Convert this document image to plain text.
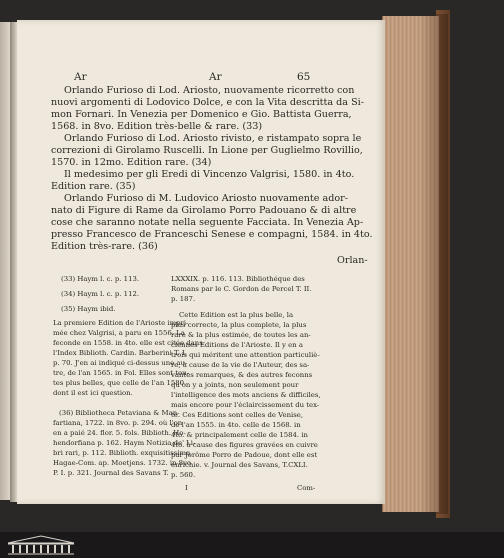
Ar	Ar	65
Orlando Furioso di Lod. Ariosto, nuovamente ricorretto con
nuovi argomenti di Lodovico Dolce, e con la Vita descritta da Si-
mon Fornari. In Venezia per Domenico e Gio. Battista Guerra,
1568. in 8vo. Edition très-belle & rare. (33)
Orlando Furioso di Lod. Ariosto rivisto, e ristampato sopra le
correzioni di Girolamo Ruscelli. In Lione per Guglielmo Rovillio,
1570. in 12mo. Edition rare. (34)
Il medesimo per gli Eredi di Vincenzo Valgrisi, 1580. in 4to.
Edition rare. (35)
Orlando Furioso di M. Ludovico Ariosto nuovamente ador-
nato di Figure di Rame da Girolamo Porro Padouano & di altre
cose che saranno notate nella seguente Facciata. In Venezia Ap-
presso Francesco de Franceschi Senese e compagni, 1584. in 4to.
Edition très-rare. (36)
Orlan-
(33) Haym l. c. p. 113.
(34) Haym l. c. p. 112.
(35) Haym ibid.
La premiere Edition de l'Arioste impri-
mée chez Valgrisi, a paru en 1556. La
feconde en 1558. in 4to. elle est citée dans
l'Index Biblioth. Cardin. Barberini T. I.
p. 70. J'en ai indiqué ci-dessus une au-
tre, de l'an 1565. in Fol. Elles sont tou-
tes plus belles, que celle de l'an 1580.
dont il est ici question.
(36) Bibliotheca Petaviana & Man-
fartiana, 1722. in 8vo. p. 294. où l'on
en a paié 24. flor. 5. fols. Biblioth. Ho-
hendorfiana p. 162. Haym Notizia de' Li-
bri rari, p. 112. Biblioth. exquisitissima,
Hagae-Com. ap. Moetjens. 1732. in 8vo.
P. I. p. 321. Journal des Savans T.
LXXXIX. p. 116. 113. Bibliothéque des
Romans par le C. Gordon de Percel T. II.
p. 187.
Cette Edition est la plus belle, la
plus correcte, la plus complete, la plus
rare & la plus estimée, de toutes les an-
ciennes Editions de l'Arioste. Il y en a
trois qui méritent une attention particuliè-
re, à cause de la vie de l'Auteur, des sa-
vantes remarques, & des autres feconns
qu'on y a joints, non seulement pour
l'intelligence des mots anciens & difficiles,
mais encore pour l'éclaircissement du tex-
te. Ces Editions sont celles de Venise,
de l'an 1555. in 4to. celle de 1568. in
4to. & principalement celle de 1584. in
4to. à cause des figures gravées en cuivre
par Jerôme Porro de Padoue, dont elle est
enrichie. v. Journal des Savans, T.CXLI.
p. 560.
I	Com-
